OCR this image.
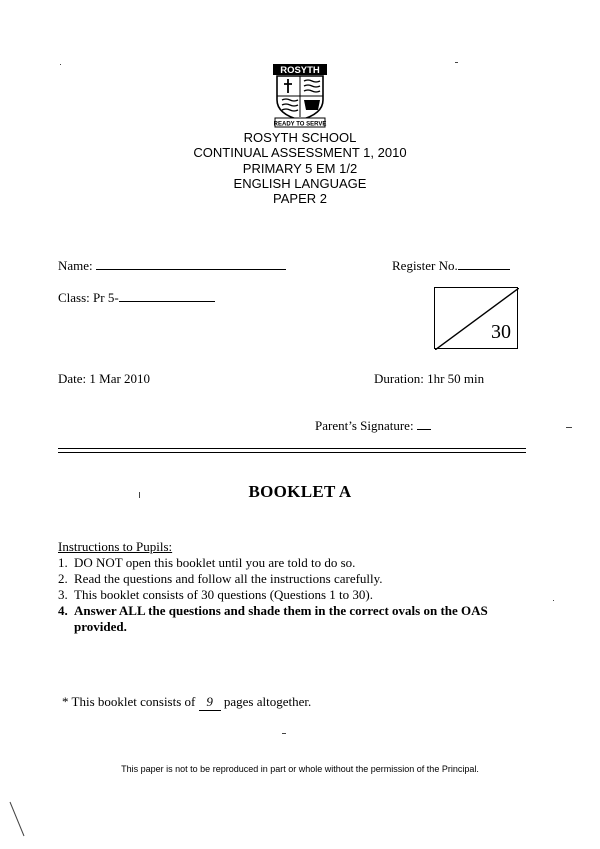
ROSYTH
READY TO SERVE
ROSYTH SCHOOL
CONTINUAL ASSESSMENT 1, 2010
PRIMARY 5 EM 1/2
ENGLISH LANGUAGE
PAPER 2
Name:	Register No.
Class: Pr 5-
30
Date: 1 Mar 2010	Duration: 1hr 50 min
Parent’s Signature:
BOOKLET A
Instructions to Pupils:
1. DO NOT open this booklet until you are told to do so.
2. Read the questions and follow all the instructions carefully.
3. This booklet consists of 30 questions (Questions 1 to 30).
4. Answer ALL the questions and shade them in the correct ovals on the OAS provided.
* This booklet consists of 9 pages altogether.
This paper is not to be reproduced in part or whole without the permission of the Principal.
